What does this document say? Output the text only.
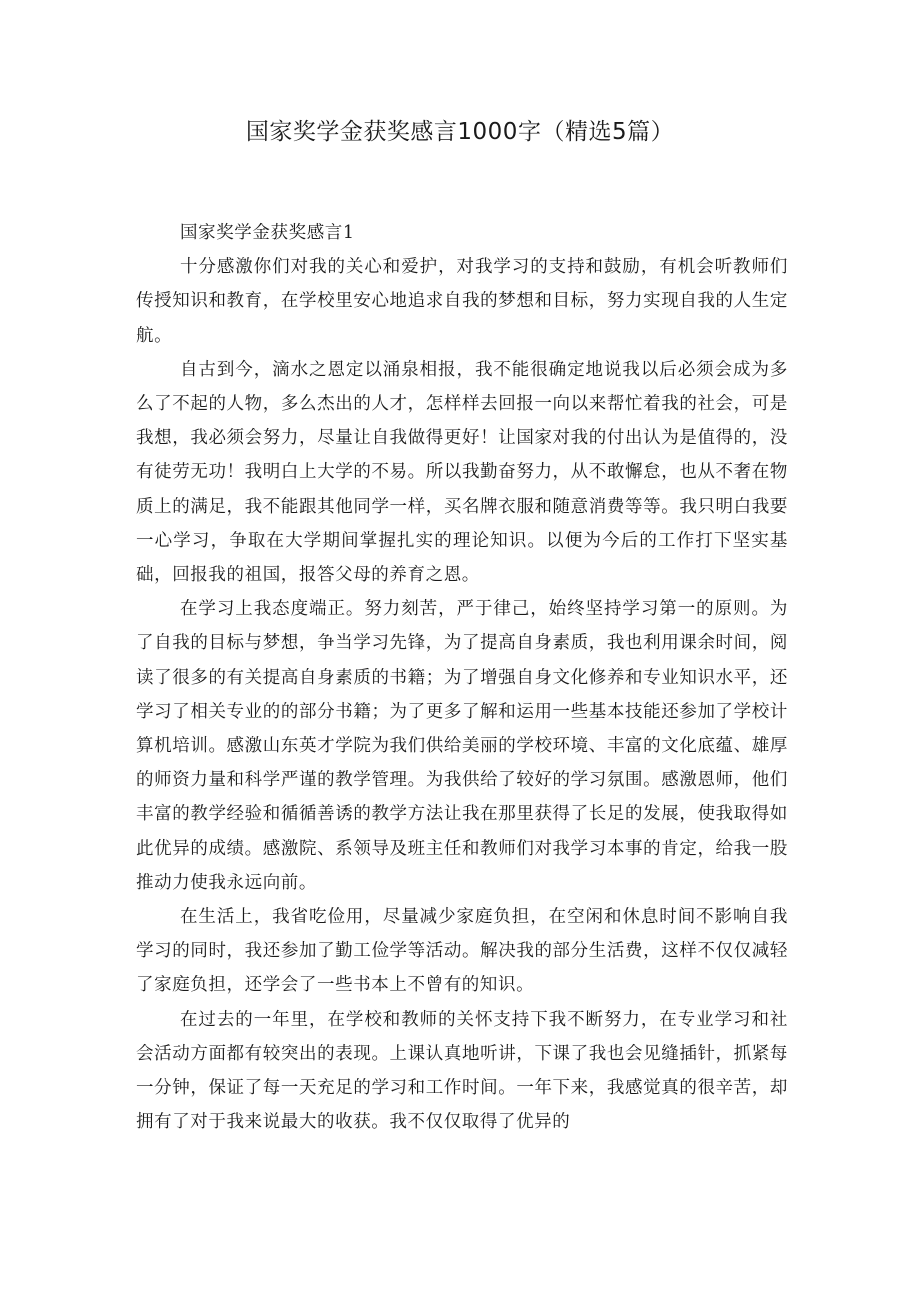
国家奖学金获奖感言1000字（精选5篇）
国家奖学金获奖感言1

十分感激你们对我的关心和爱护，对我学习的支持和鼓励，有机会听教师们传授知识和教育，在学校里安心地追求自我的梦想和目标，努力实现自我的人生定航。

自古到今，滴水之恩定以涌泉相报，我不能很确定地说我以后必须会成为多么了不起的人物，多么杰出的人才，怎样样去回报一向以来帮忙着我的社会，可是我想，我必须会努力，尽量让自我做得更好！让国家对我的付出认为是值得的，没有徒劳无功！我明白上大学的不易。所以我勤奋努力，从不敢懈怠，也从不奢在物质上的满足，我不能跟其他同学一样，买名牌衣服和随意消费等等。我只明白我要一心学习，争取在大学期间掌握扎实的理论知识。以便为今后的工作打下坚实基础，回报我的祖国，报答父母的养育之恩。

在学习上我态度端正。努力刻苦，严于律己，始终坚持学习第一的原则。为了自我的目标与梦想，争当学习先锋，为了提高自身素质，我也利用课余时间，阅读了很多的有关提高自身素质的书籍；为了增强自身文化修养和专业知识水平，还学习了相关专业的的部分书籍；为了更多了解和运用一些基本技能还参加了学校计算机培训。感激山东英才学院为我们供给美丽的学校环境、丰富的文化底蕴、雄厚的师资力量和科学严谨的教学管理。为我供给了较好的学习氛围。感激恩师，他们丰富的教学经验和循循善诱的教学方法让我在那里获得了长足的发展，使我取得如此优异的成绩。感激院、系领导及班主任和教师们对我学习本事的肯定，给我一股推动力使我永远向前。

在生活上，我省吃俭用，尽量减少家庭负担，在空闲和休息时间不影响自我学习的同时，我还参加了勤工俭学等活动。解决我的部分生活费，这样不仅仅减轻了家庭负担，还学会了一些书本上不曾有的知识。

在过去的一年里，在学校和教师的关怀支持下我不断努力，在专业学习和社会活动方面都有较突出的表现。上课认真地听讲，下课了我也会见缝插针，抓紧每一分钟，保证了每一天充足的学习和工作时间。一年下来，我感觉真的很辛苦，却拥有了对于我来说最大的收获。我不仅仅取得了优异的
